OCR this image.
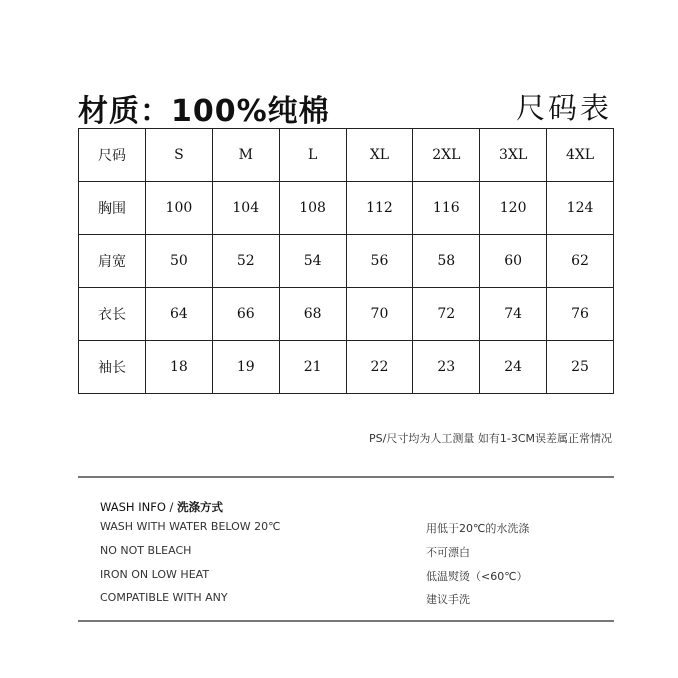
材质：100%纯棉	尺码表
尺码	S	M	L	XL	2XL	3XL	4XL
胸围	100	104	108	112	116	120	124
肩宽	50	52	54	56	58	60	62
衣长	64	66	68	70	72	74	76
袖长	18	19	21	22	23	24	25
PS/尺寸均为人工测量 如有1-3CM误差属正常情况
WASH INFO / 洗涤方式
WASH WITH WATER BELOW 20℃	用低于20℃的水洗涤
NO NOT BLEACH	不可漂白
IRON ON LOW HEAT	低温熨烫（<60℃）
COMPATIBLE WITH ANY	建议手洗
